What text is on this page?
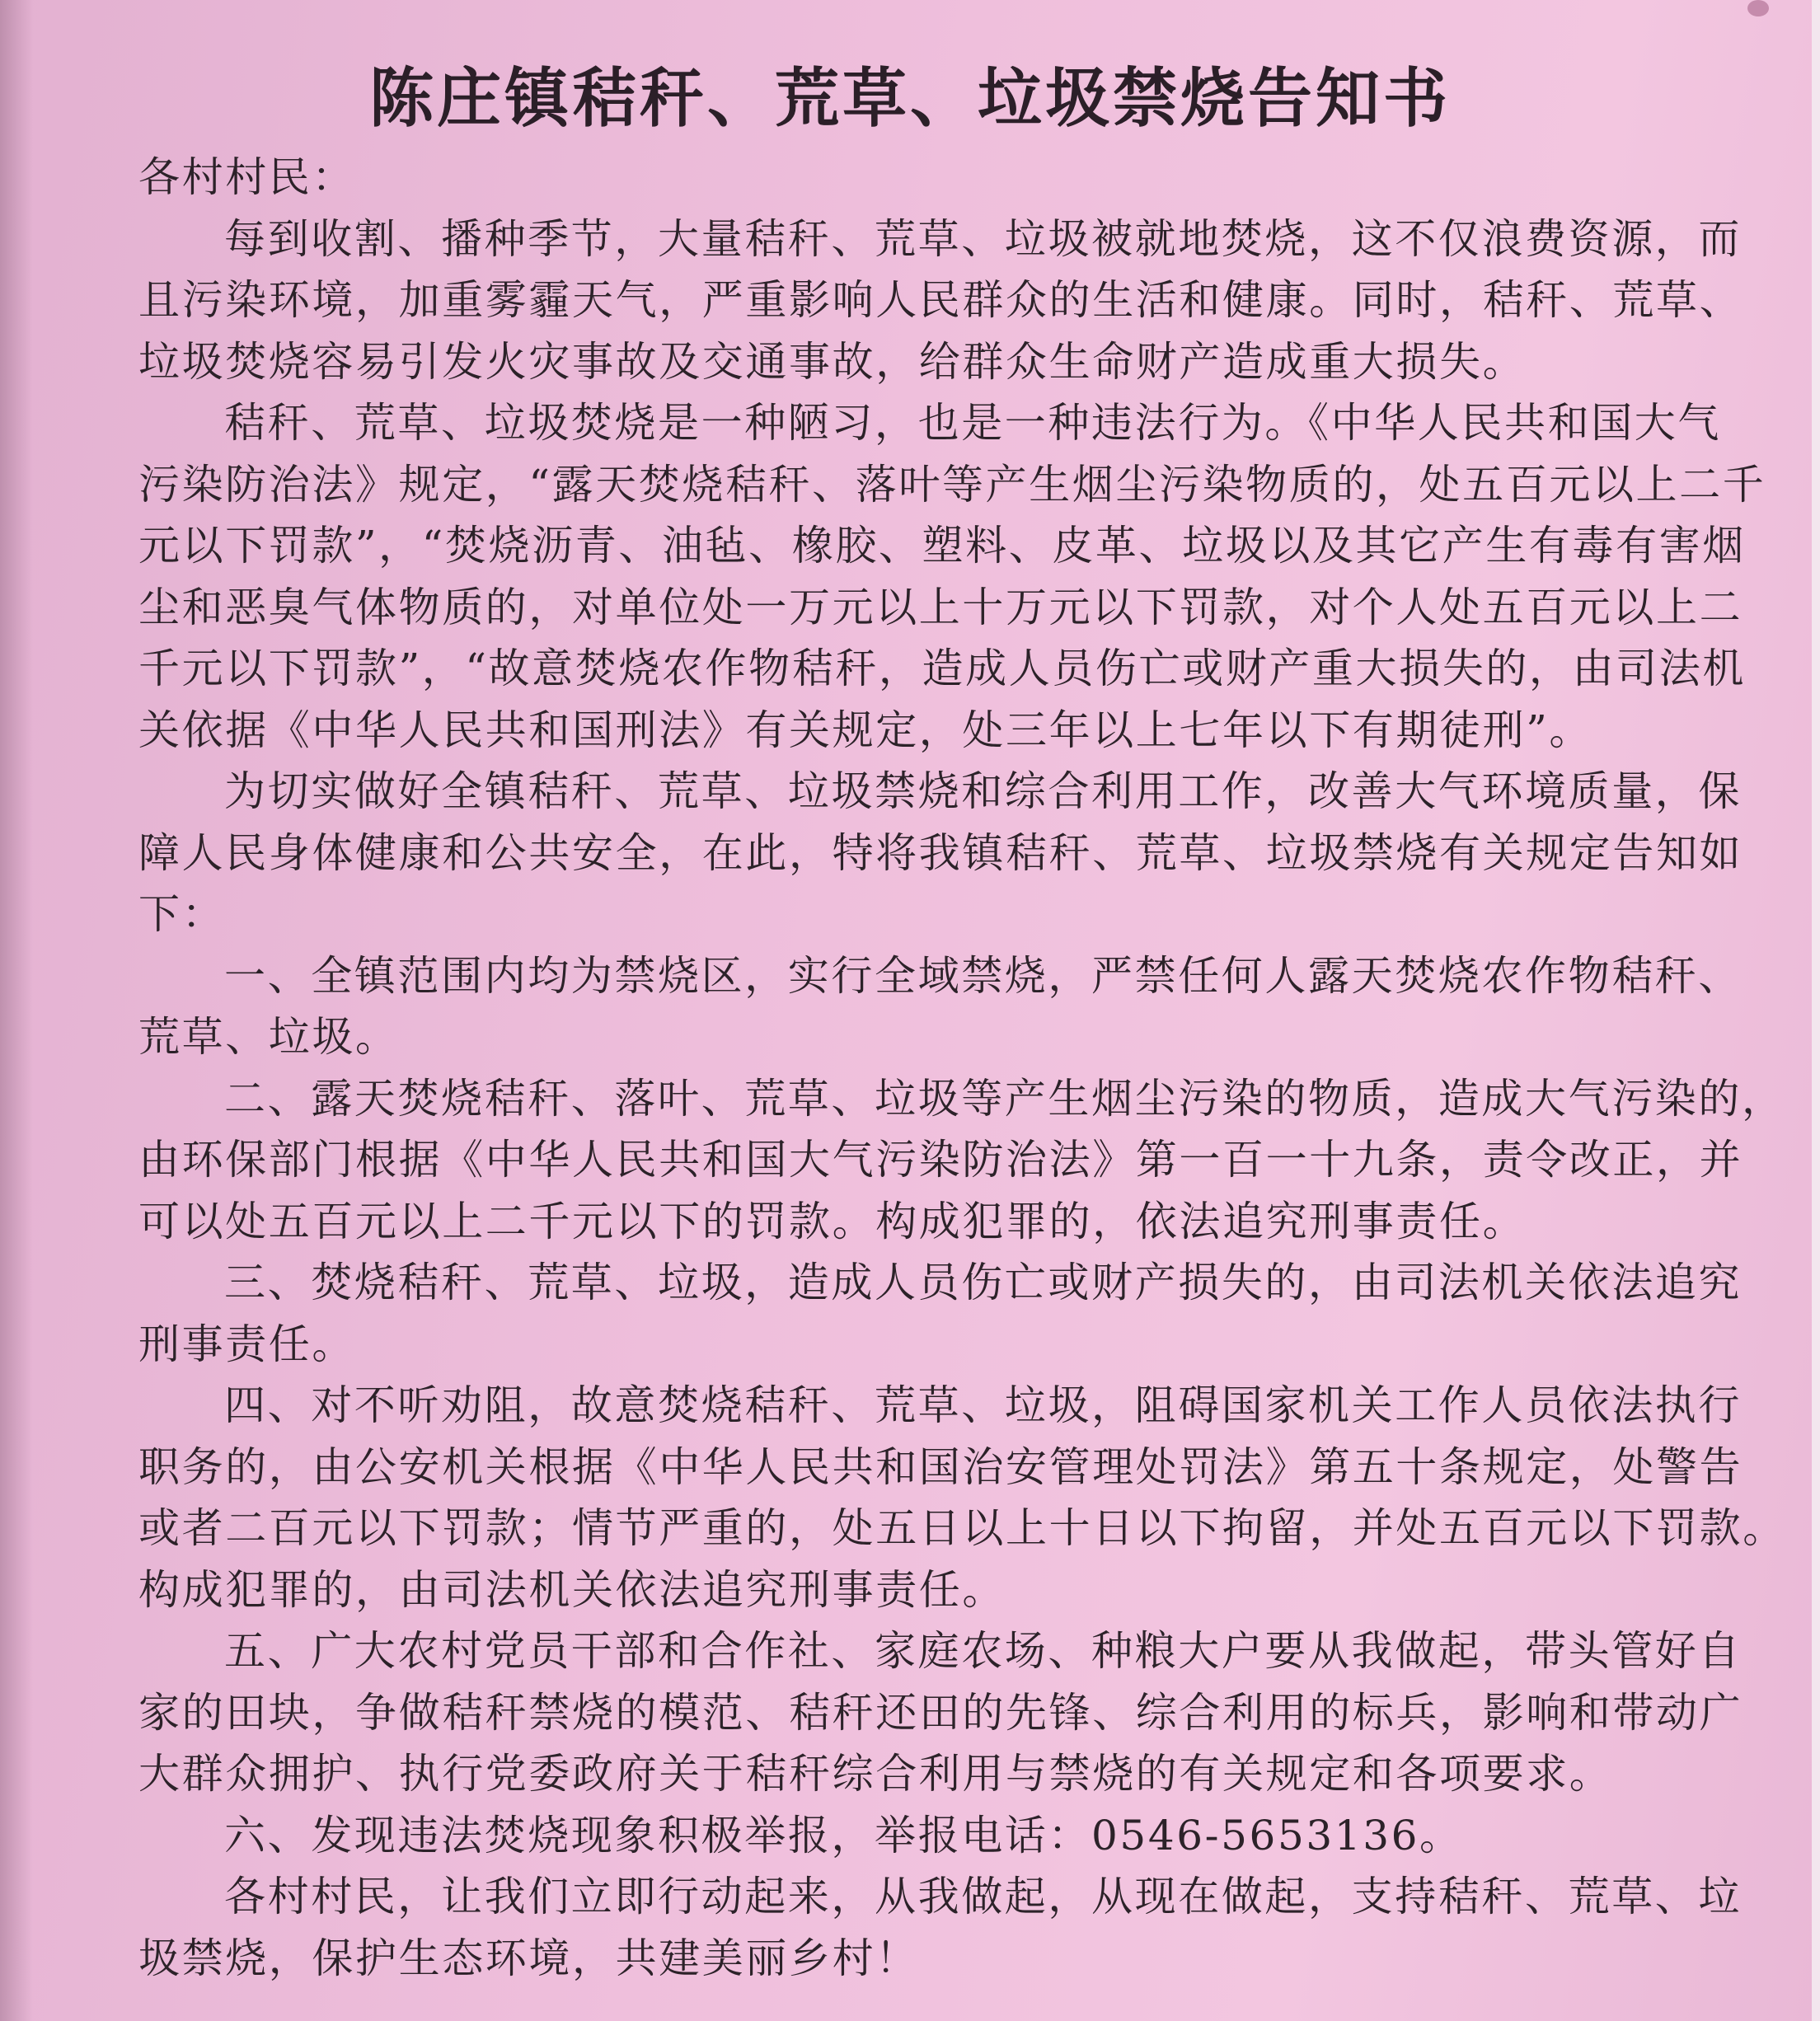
陈庄镇秸秆、荒草、垃圾禁烧告知书
各村村民：
每到收割、播种季节，大量秸秆、荒草、垃圾被就地焚烧，这不仅浪费资源，而
且污染环境，加重雾霾天气，严重影响人民群众的生活和健康。同时，秸秆、荒草、
垃圾焚烧容易引发火灾事故及交通事故，给群众生命财产造成重大损失。
秸秆、荒草、垃圾焚烧是一种陋习，也是一种违法行为。《中华人民共和国大气
污染防治法》规定，“露天焚烧秸秆、落叶等产生烟尘污染物质的，处五百元以上二千
元以下罚款”，“焚烧沥青、油毡、橡胶、塑料、皮革、垃圾以及其它产生有毒有害烟
尘和恶臭气体物质的，对单位处一万元以上十万元以下罚款，对个人处五百元以上二
千元以下罚款”，“故意焚烧农作物秸秆，造成人员伤亡或财产重大损失的，由司法机
关依据《中华人民共和国刑法》有关规定，处三年以上七年以下有期徒刑”。
为切实做好全镇秸秆、荒草、垃圾禁烧和综合利用工作，改善大气环境质量，保
障人民身体健康和公共安全，在此，特将我镇秸秆、荒草、垃圾禁烧有关规定告知如
下：
一、全镇范围内均为禁烧区，实行全域禁烧，严禁任何人露天焚烧农作物秸秆、
荒草、垃圾。
二、露天焚烧秸秆、落叶、荒草、垃圾等产生烟尘污染的物质，造成大气污染的，
由环保部门根据《中华人民共和国大气污染防治法》第一百一十九条，责令改正，并
可以处五百元以上二千元以下的罚款。构成犯罪的，依法追究刑事责任。
三、焚烧秸秆、荒草、垃圾，造成人员伤亡或财产损失的，由司法机关依法追究
刑事责任。
四、对不听劝阻，故意焚烧秸秆、荒草、垃圾，阻碍国家机关工作人员依法执行
职务的，由公安机关根据《中华人民共和国治安管理处罚法》第五十条规定，处警告
或者二百元以下罚款；情节严重的，处五日以上十日以下拘留，并处五百元以下罚款。
构成犯罪的，由司法机关依法追究刑事责任。
五、广大农村党员干部和合作社、家庭农场、种粮大户要从我做起，带头管好自
家的田块，争做秸秆禁烧的模范、秸秆还田的先锋、综合利用的标兵，影响和带动广
大群众拥护、执行党委政府关于秸秆综合利用与禁烧的有关规定和各项要求。
六、发现违法焚烧现象积极举报，举报电话：0546-5653136。
各村村民，让我们立即行动起来，从我做起，从现在做起，支持秸秆、荒草、垃
圾禁烧，保护生态环境，共建美丽乡村！
